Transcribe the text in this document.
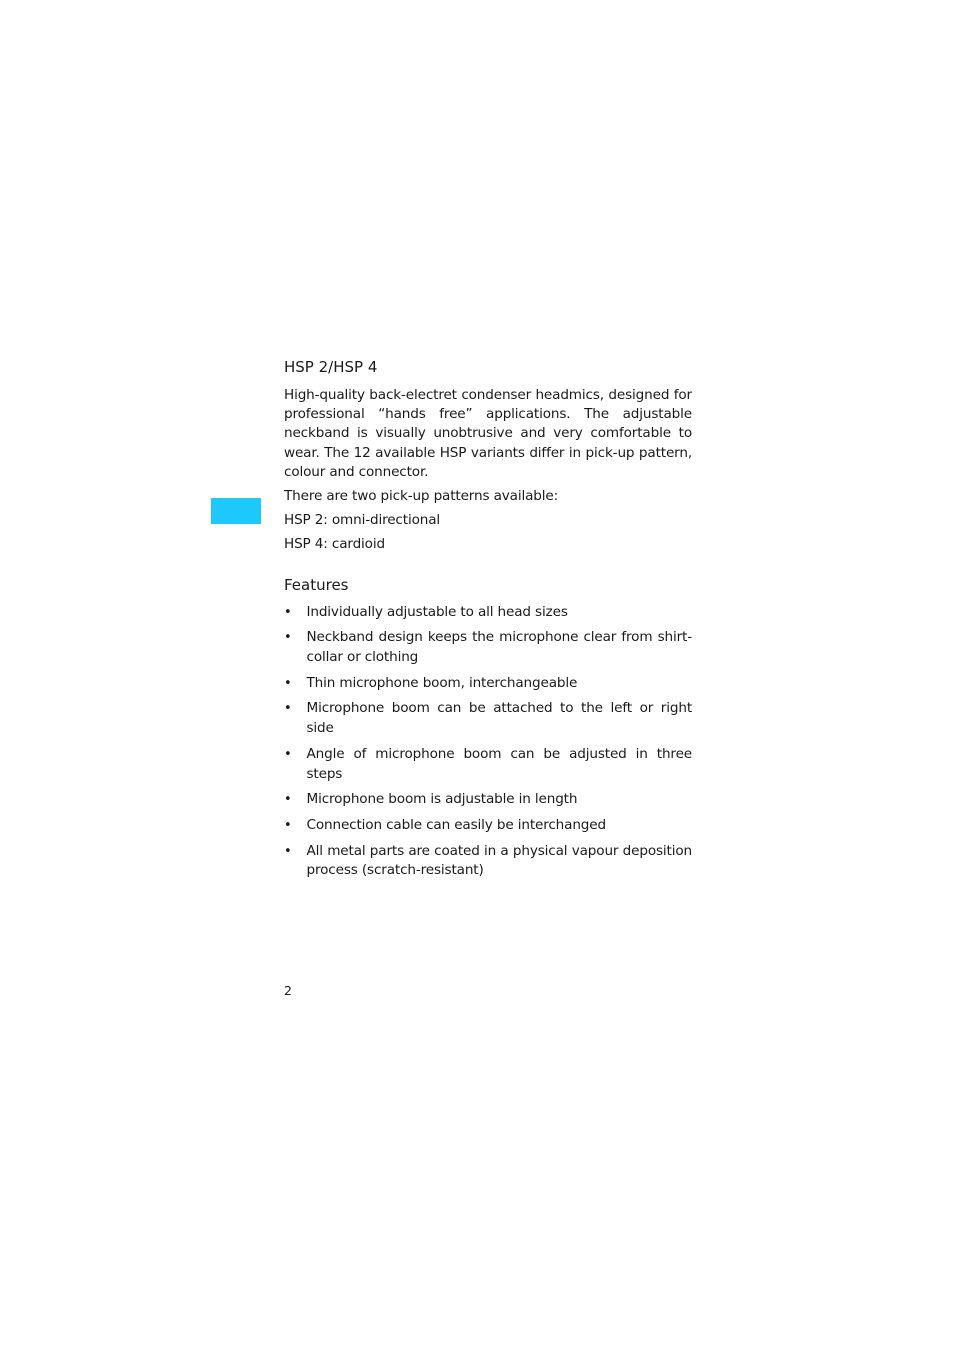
HSP 2/HSP 4

High-quality back-electret condenser headmics, designed for professional “hands free” applications. The adjustable neckband is visually unobtrusive and very comfortable to wear. The 12 available HSP variants differ in pick-up pattern, colour and connector.

There are two pick-up patterns available:

HSP 2: omni-directional

HSP 4: cardioid

Features
• Individually adjustable to all head sizes
• Neckband design keeps the microphone clear from shirt-collar or clothing
• Thin microphone boom, interchangeable
• Microphone boom can be attached to the left or right side
• Angle of microphone boom can be adjusted in three steps
• Microphone boom is adjustable in length
• Connection cable can easily be interchanged
• All metal parts are coated in a physical vapour deposition process (scratch-resistant)
2
